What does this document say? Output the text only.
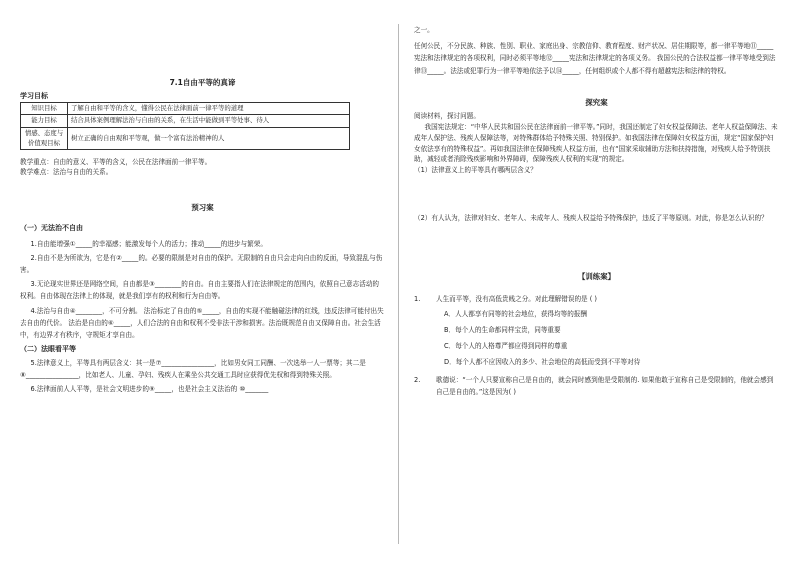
7.1自由平等的真谛

学习目标

知识目标	了解自由和平等的含义，懂得公民在法律面前一律平等的道理
能力目标	结合具体案例理解法治与自由的关系，在生活中能做到平等处事、待人
情感、态度与价值观目标	树立正确的自由观和平等观，做一个富有法治精神的人

教学重点：自由的意义、平等的含义，公民在法律面前一律平等。

教学难点：法治与自由的关系。

预习案

（一）无法治不自由

1.自由能增强①_____的幸福感；能激发每个人的活力；推动_____的进步与繁荣。

2.自由不是为所欲为，它是有②_____的。必要的限制是对自由的保护。无限制的自由只会走向自由的反面，导致混乱与伤害。

3.无论现实世界还是网络空间，自由都是③________的自由。自由主要指人们在法律规定的范围内，依照自己意志活动的权利。自由体现在法律上的体现，就是我们享有的权利和行为自由等。

4.法治与自由④________，不可分割。 法治标定了自由的⑤_____，自由的实现不能触碰法律的红线，违反法律可能付出失去自由的代价。 法治是自由的⑥_____，人们合法的自由和权利不受非法干涉和损害。法治既规范自由又保障自由。社会生活中，有边界才有秩序，守规矩才享自由。

（二）法眼看平等

5.法律意义上，平等具有两层含义：其一是⑦________________，比如男女同工同酬、一次选举一人一票等；其二是⑧________________，比如老人、儿童、孕妇、残疾人在乘坐公共交通工具时应获得优先权和得到特殊关照。

6.法律面前人人平等，是社会文明进步的⑨_____，也是社会主义法治的 ⑩_______

之一。

任何公民，不分民族、种族、性别、职业、家庭出身、宗教信仰、教育程度、财产状况、居住期限等，都一律平等地⑪_____宪法和法律规定的各项权利，同时必须平等地⑫_____宪法和法律规定的各项义务。 我国公民的合法权益都一律平等地受到法律⑬_____。法法或犯罪行为一律平等地依法予以⑭_____，任何组织或个人都不得有超越宪法和法律的特权。

探究案

阅读材料，探讨问题。

我国宪法规定：“中华人民共和国公民在法律面前一律平等。”同时，我国还制定了妇女权益保障法、老年人权益保障法、未成年人保护法、残疾人保障法等，对特殊群体给予特殊关照、特别保护。如我国法律在保障妇女权益方面，规定“国家保护妇女依法享有的特殊权益”。再如我国法律在保障残疾人权益方面，也有“国家采取辅助方法和扶持措施，对残疾人给予特别扶助，减轻或者消除残疾影响和外界障碍，保障残疾人权利的实现”的规定。

（1）法律意义上的平等具有哪两层含义？

（2）有人认为，法律对妇女、老年人、未成年人、残疾人权益给予特殊保护，违反了平等原则。对此，你是怎么认识的？

【训练案】

1.	人生而平等，没有高低贵贱之分。对此理解错误的是 ( )

A．人人都享有同等的社会地位，获得均等的报酬

B．每个人的生命都同样宝贵，同等重要

C．每个人的人格尊严都应得到同样的尊重

D．每个人都不应因收入的多少、社会地位的高低而受到不平等对待

2.	歌德说：“一个人只要宣称自己是自由的，就会同时感到他是受限制的. 如果他敢于宣称自己是受限制的，他就会感到自己是自由的。”这是因为( )
